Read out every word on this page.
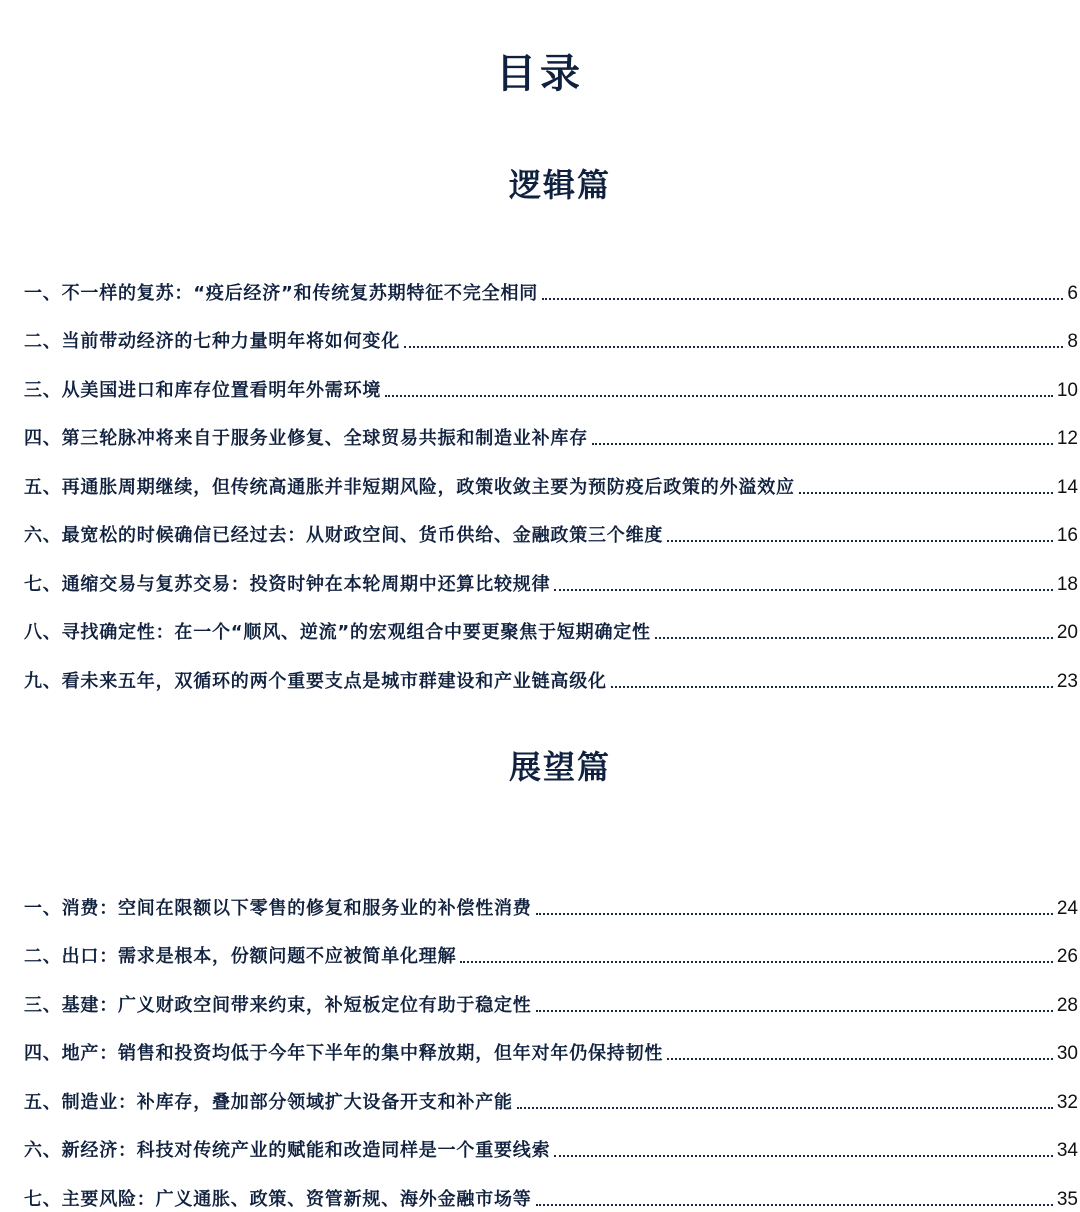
目录
逻辑篇
一、不一样的复苏：“疫后经济”和传统复苏期特征不完全相同	6
二、当前带动经济的七种力量明年将如何变化	8
三、从美国进口和库存位置看明年外需环境	10
四、第三轮脉冲将来自于服务业修复、全球贸易共振和制造业补库存	12
五、再通胀周期继续，但传统高通胀并非短期风险，政策收敛主要为预防疫后政策的外溢效应	14
六、最宽松的时候确信已经过去：从财政空间、货币供给、金融政策三个维度	16
七、通缩交易与复苏交易：投资时钟在本轮周期中还算比较规律	18
八、寻找确定性：在一个“顺风、逆流”的宏观组合中要更聚焦于短期确定性	20
九、看未来五年，双循环的两个重要支点是城市群建设和产业链高级化	23
展望篇
一、消费：空间在限额以下零售的修复和服务业的补偿性消费	24
二、出口：需求是根本，份额问题不应被简单化理解	26
三、基建：广义财政空间带来约束，补短板定位有助于稳定性	28
四、地产：销售和投资均低于今年下半年的集中释放期，但年对年仍保持韧性	30
五、制造业：补库存，叠加部分领域扩大设备开支和补产能	32
六、新经济：科技对传统产业的赋能和改造同样是一个重要线索	34
七、主要风险：广义通胀、政策、资管新规、海外金融市场等	35
